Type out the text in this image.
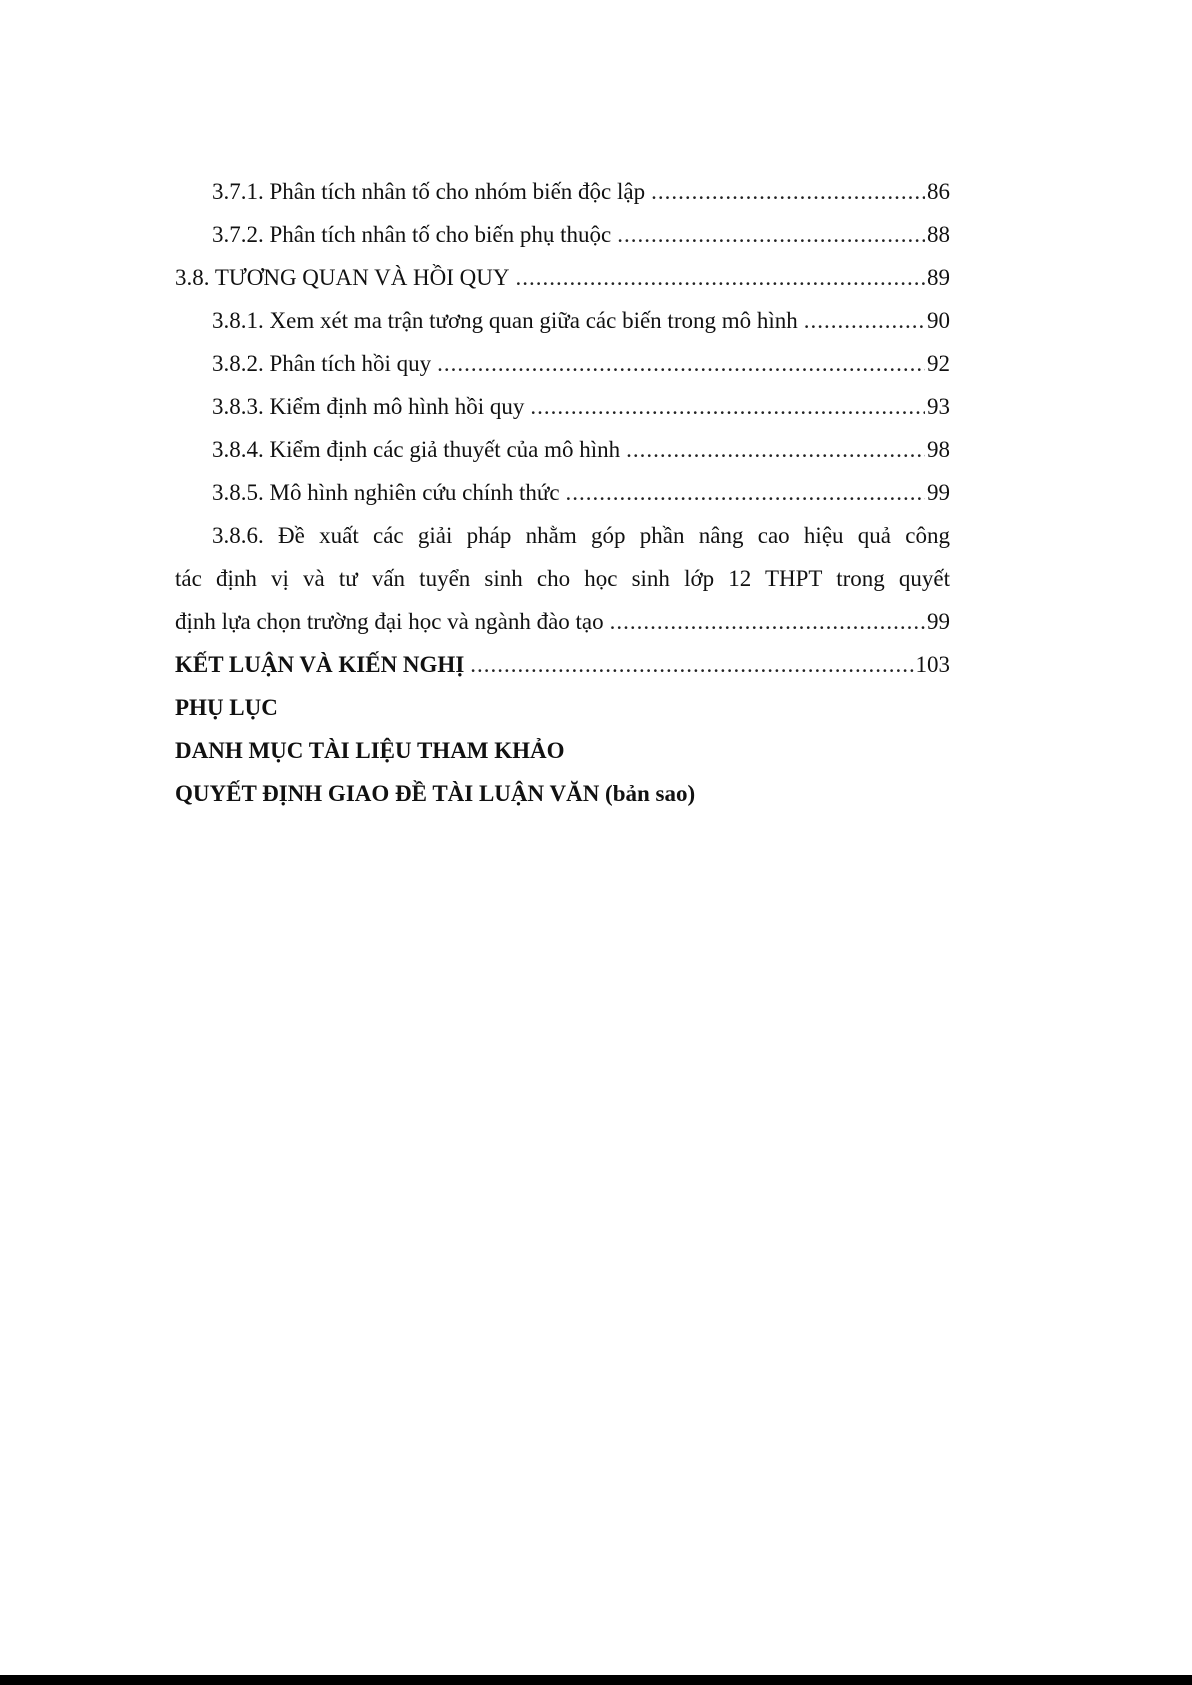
3.7.1. Phân tích nhân tố cho nhóm biến độc lập .....	86
3.7.2. Phân tích nhân tố cho biến phụ thuộc .....	88
3.8. TƯƠNG QUAN VÀ HỒI QUY .....	89
3.8.1. Xem xét ma trận tương quan giữa các biến trong mô hình .....	90
3.8.2. Phân tích hồi quy .....	92
3.8.3. Kiểm định mô hình hồi quy .....	93
3.8.4. Kiểm định các giả thuyết của mô hình .....	98
3.8.5. Mô hình nghiên cứu chính thức .....	99
3.8.6. Đề xuất các giải pháp nhằm góp phần nâng cao hiệu quả công
tác định vị và tư vấn tuyển sinh cho học sinh lớp 12 THPT trong quyết
định lựa chọn trường đại học và ngành đào tạo .....	99
KẾT LUẬN VÀ KIẾN NGHỊ .....	103
PHỤ LỤC
DANH MỤC TÀI LIỆU THAM KHẢO
QUYẾT ĐỊNH GIAO ĐỀ TÀI LUẬN VĂN (bản sao)
